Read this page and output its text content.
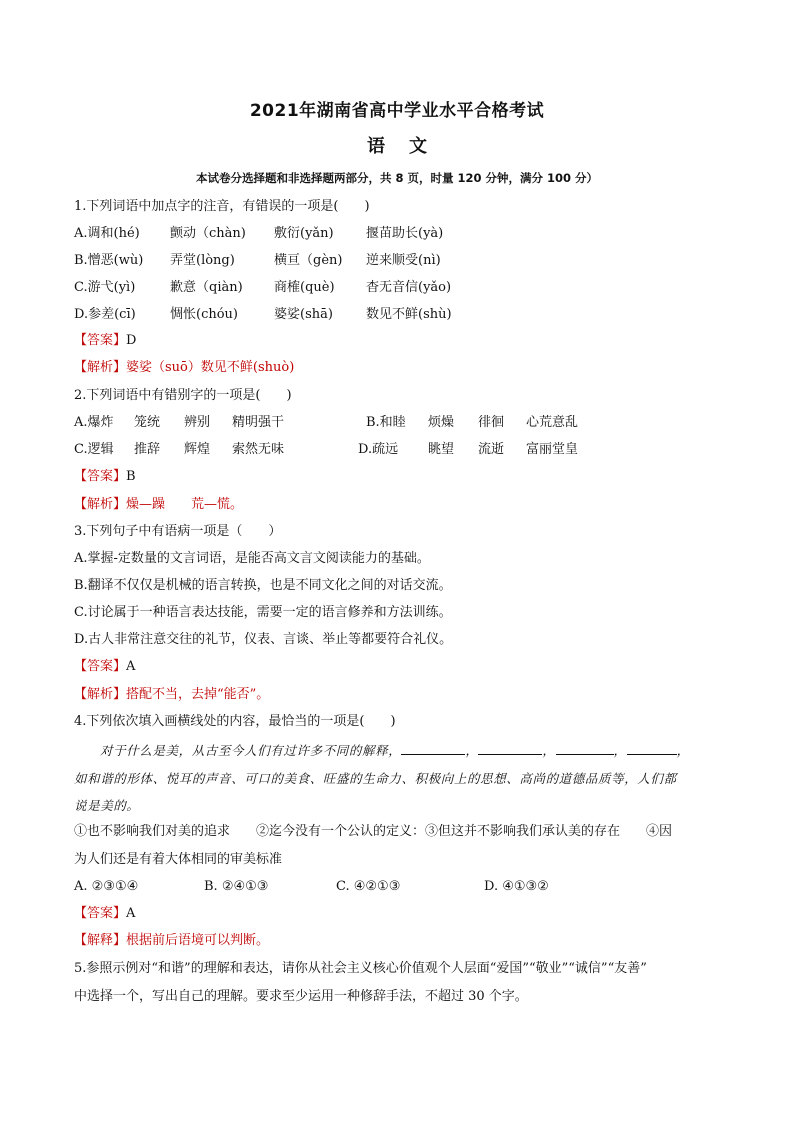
2021年湖南省高中学业水平合格考试
语 文
本试卷分选择题和非选择题两部分，共 8 页，时量 120 分钟，满分 100 分）
1.下列词语中加点字的注音，有错误的一项是(　　)
A.调和(hé) 颤动（chàn) 敷衍(yǎn) 揠苗助长(yà)
B.憎恶(wù) 弄堂(lòng)	横亘（gèn) 逆来顺受(nì)
C.游弋(yì)	歉意（qiàn) 商榷(què) 杳无音信(yǎo)
D.参差(cī)	惆怅(chóu)	婆娑(shā)	数见不鲜(shù)
【答案】D
【解析】婆娑（suō）数见不鲜(shuò)
2.下列词语中有错别字的一项是(　　)
A.爆炸 笼统 辨别 精明强干	B.和睦 烦燥 徘徊 心荒意乱
C.逻辑 推辞 辉煌 索然无味	D.疏远 眺望 流逝 富丽堂皇
【答案】B
【解析】燥—躁　　荒—慌。
3.下列句子中有语病一项是（　　）
A.掌握-定数量的文言词语，是能否高文言文阅读能力的基础。
B.翻译不仅仅是机械的语言转换，也是不同文化之间的对话交流。
C.讨论属于一种语言表达技能，需要一定的语言修养和方法训练。
D.古人非常注意交往的礼节，仪表、言谈、举止等都要符合礼仪。
【答案】A
【解析】搭配不当，去掉“能否”。
4.下列依次填入画横线处的内容，最恰当的一项是(　　)
对于什么是美，从古至今人们有过许多不同的解释，	，	，	，	，
如和谐的形体、悦耳的声音、可口的美食、旺盛的生命力、积极向上的思想、高尚的道德品质等，人们都
说是美的。
①也不影响我们对美的追求　　②迄今没有一个公认的定义：③但这并不影响我们承认美的存在　　④因
为人们还是有着大体相同的审美标准
A. ②③①④	B. ②④①③	C. ④②①③	D. ④①③②
【答案】A
【解释】根据前后语境可以判断。
5.参照示例对“和谐”的理解和表达，请你从社会主义核心价值观个人层面“爱国”“敬业”“诚信”“友善”
中选择一个，写出自己的理解。要求至少运用一种修辞手法，不超过 30 个字。
